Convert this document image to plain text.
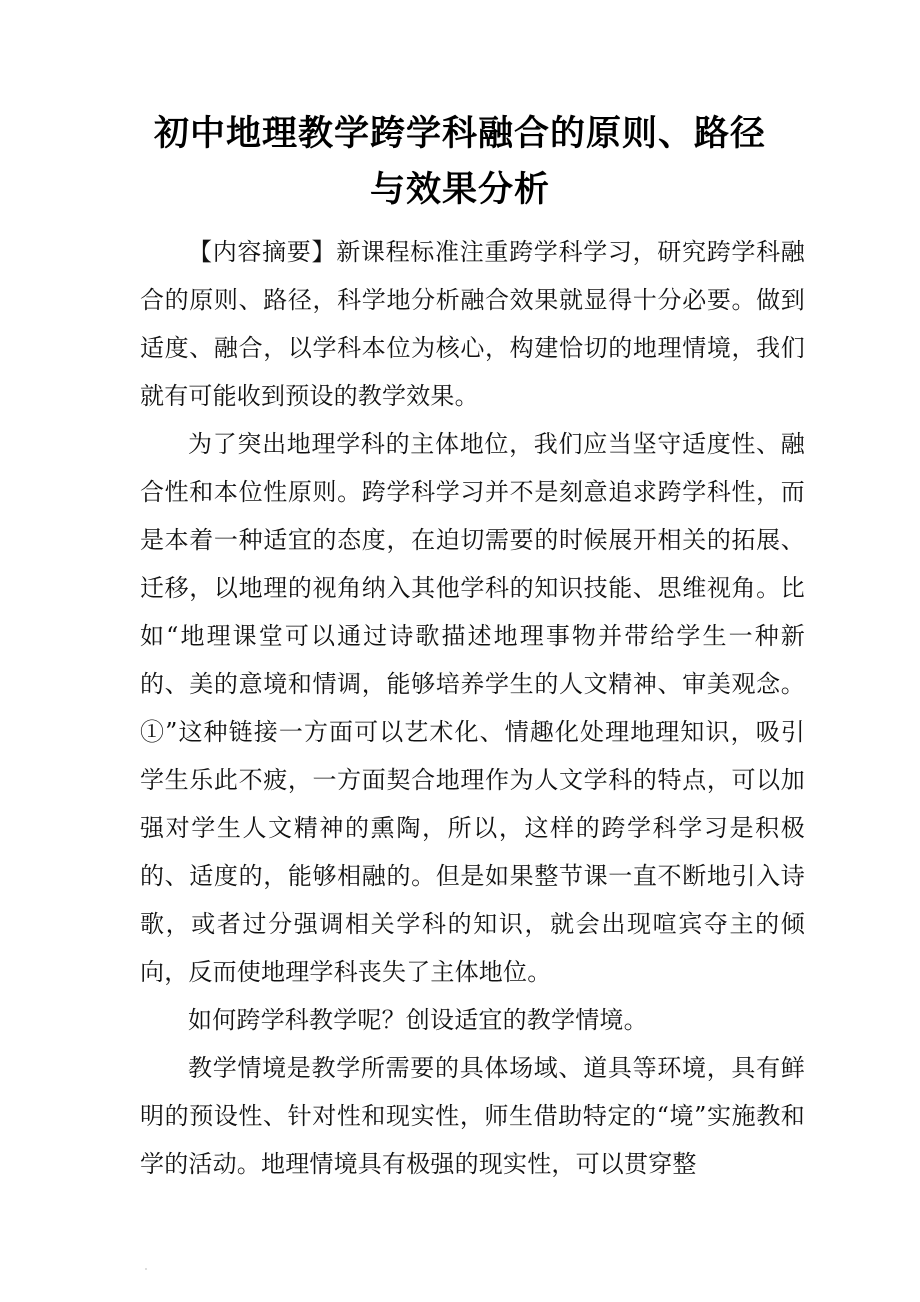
初中地理教学跨学科融合的原则、路径
与效果分析

【内容摘要】新课程标准注重跨学科学习，研究跨学科融合的原则、路径，科学地分析融合效果就显得十分必要。做到适度、融合，以学科本位为核心，构建恰切的地理情境，我们就有可能收到预设的教学效果。

为了突出地理学科的主体地位，我们应当坚守适度性、融合性和本位性原则。跨学科学习并不是刻意追求跨学科性，而是本着一种适宜的态度，在迫切需要的时候展开相关的拓展、迁移，以地理的视角纳入其他学科的知识技能、思维视角。比如“地理课堂可以通过诗歌描述地理事物并带给学生一种新的、美的意境和情调，能够培养学生的人文精神、审美观念。①”这种链接一方面可以艺术化、情趣化处理地理知识，吸引学生乐此不疲，一方面契合地理作为人文学科的特点，可以加强对学生人文精神的熏陶，所以，这样的跨学科学习是积极的、适度的，能够相融的。但是如果整节课一直不断地引入诗歌，或者过分强调相关学科的知识，就会出现喧宾夺主的倾向，反而使地理学科丧失了主体地位。

如何跨学科教学呢？创设适宜的教学情境。

教学情境是教学所需要的具体场域、道具等环境，具有鲜明的预设性、针对性和现实性，师生借助特定的“境”实施教和学的活动。地理情境具有极强的现实性，可以贯穿整
